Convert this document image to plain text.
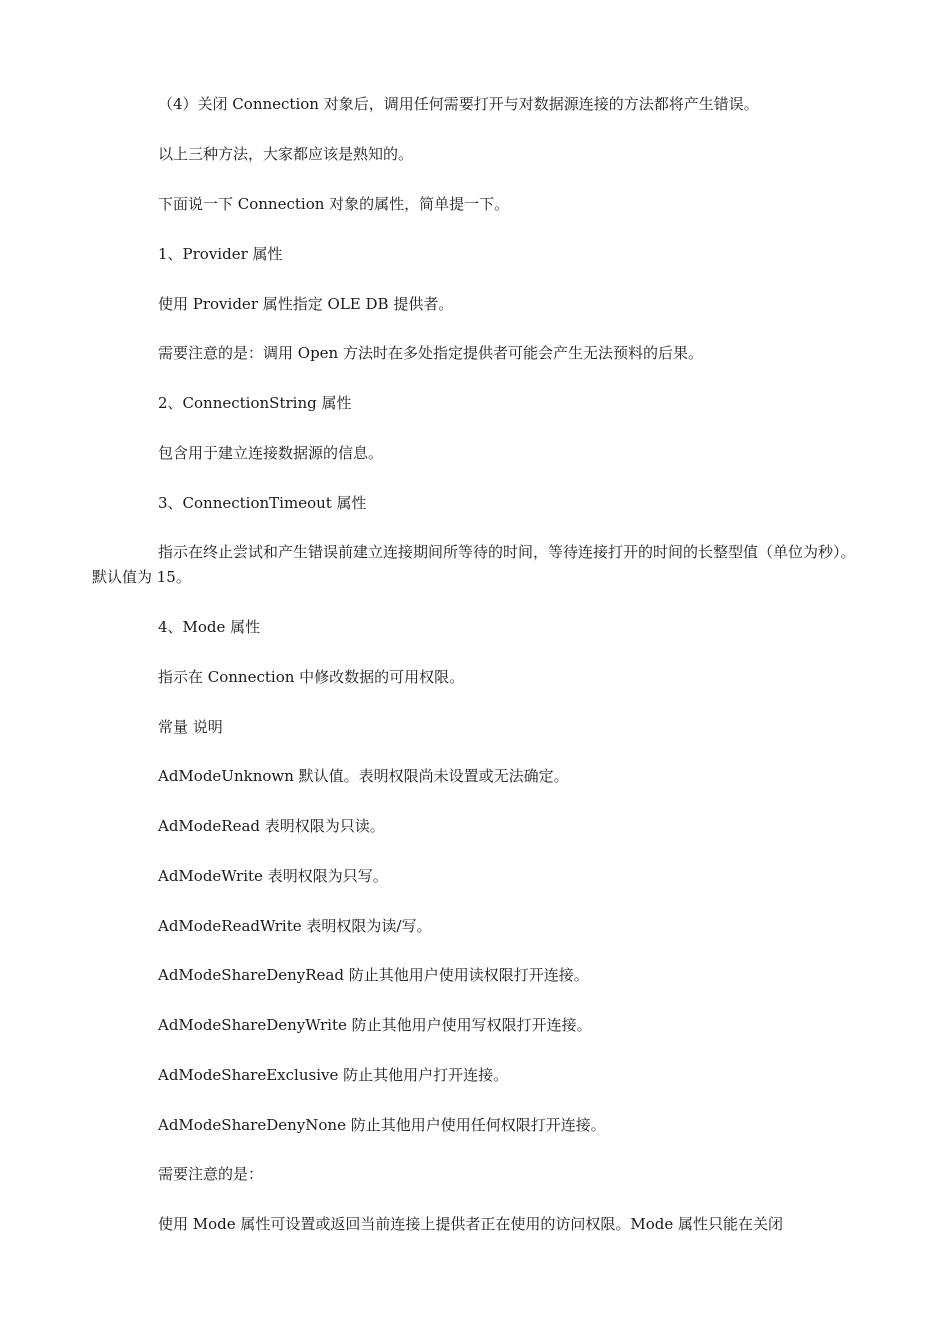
（4）关闭 Connection 对象后，调用任何需要打开与对数据源连接的方法都将产生错误。

以上三种方法，大家都应该是熟知的。

下面说一下 Connection 对象的属性，简单提一下。

1、Provider 属性

使用 Provider 属性指定 OLE DB 提供者。

需要注意的是：调用 Open 方法时在多处指定提供者可能会产生无法预料的后果。

2、ConnectionString 属性

包含用于建立连接数据源的信息。

3、ConnectionTimeout 属性

指示在终止尝试和产生错误前建立连接期间所等待的时间，等待连接打开的时间的长整型值（单位为秒）。默认值为 15。

4、Mode 属性

指示在 Connection 中修改数据的可用权限。

常量 说明

AdModeUnknown 默认值。表明权限尚未设置或无法确定。

AdModeRead 表明权限为只读。

AdModeWrite 表明权限为只写。

AdModeReadWrite 表明权限为读/写。

AdModeShareDenyRead 防止其他用户使用读权限打开连接。

AdModeShareDenyWrite 防止其他用户使用写权限打开连接。

AdModeShareExclusive 防止其他用户打开连接。

AdModeShareDenyNone 防止其他用户使用任何权限打开连接。

需要注意的是：

使用 Mode 属性可设置或返回当前连接上提供者正在使用的访问权限。Mode 属性只能在关闭
